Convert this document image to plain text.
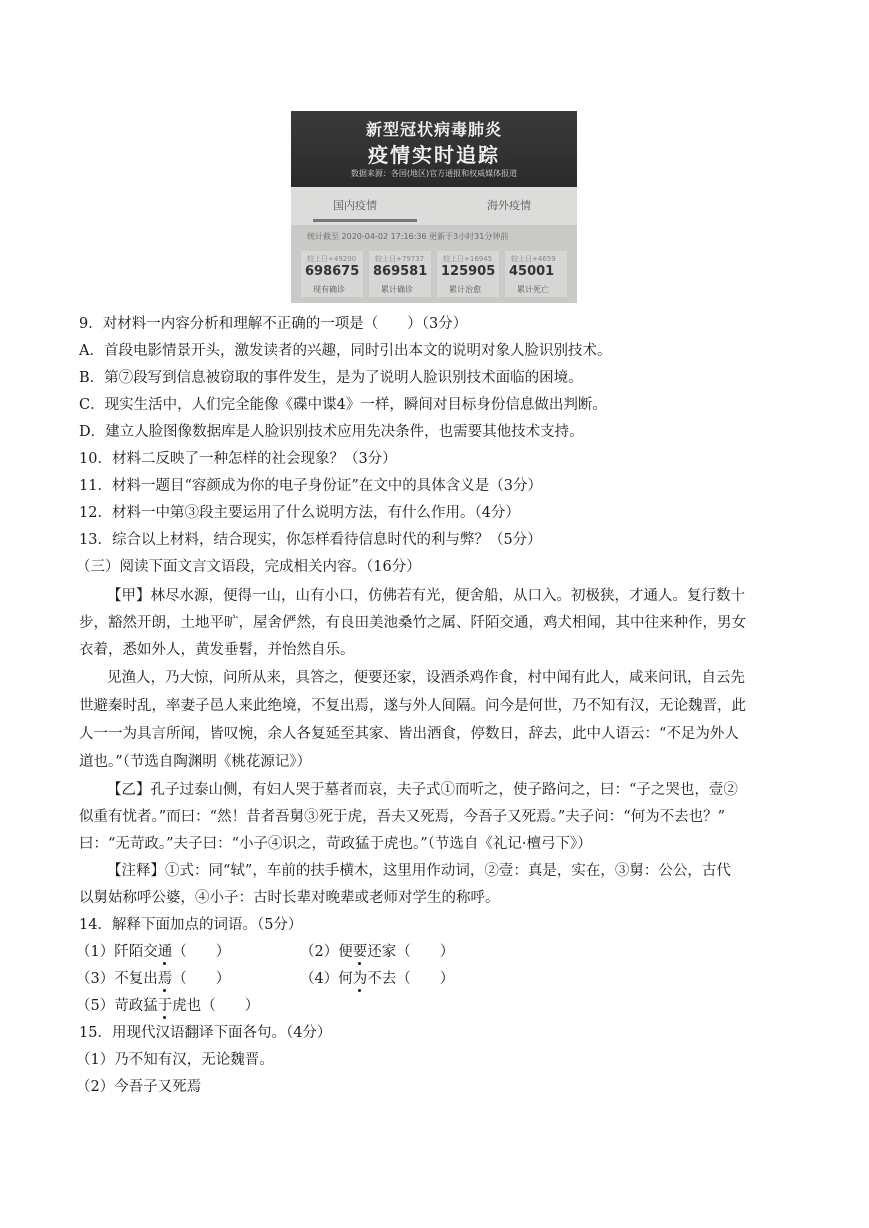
新型冠状病毒肺炎
疫情实时追踪
数据来源：各国(地区)官方通报和权威媒体报道
国内疫情	海外疫情
统计截至 2020-04-02 17:16:36 更新于3小时31分钟前
较上日+49200
698675
现有确诊
较上日+79737
869581
累计确诊
较上日+16945
125905
累计治愈
较上日+4659
45001
累计死亡
9．对材料一内容分析和理解不正确的一项是（　　）（3分）
A．首段电影情景开头，激发读者的兴趣，同时引出本文的说明对象人脸识别技术。
B．第⑦段写到信息被窃取的事件发生，是为了说明人脸识别技术面临的困境。
C．现实生活中，人们完全能像《碟中谍4》一样，瞬间对目标身份信息做出判断。
D．建立人脸图像数据库是人脸识别技术应用先决条件，也需要其他技术支持。
10．材料二反映了一种怎样的社会现象？（3分）
11．材料一题目“容颜成为你的电子身份证”在文中的具体含义是（3分）
12．材料一中第③段主要运用了什么说明方法，有什么作用。（4分）
13．综合以上材料，结合现实，你怎样看待信息时代的利与弊？（5分）
（三）阅读下面文言文语段，完成相关内容。（16分）
【甲】林尽水源，便得一山，山有小口，仿佛若有光，便舍船，从口入。初极狭，才通人。复行数十
步，豁然开朗，土地平旷，屋舍俨然，有良田美池桑竹之属、阡陌交通，鸡犬相闻，其中往来种作，男女
衣着，悉如外人，黄发垂髫，并怡然自乐。
见渔人，乃大惊，问所从来，具答之，便要还家，设酒杀鸡作食，村中闻有此人，咸来问讯，自云先
世避秦时乱，率妻子邑人来此绝境，不复出焉，遂与外人间隔。问今是何世，乃不知有汉，无论魏晋，此
人一一为具言所闻，皆叹惋，余人各复延至其家、皆出酒食，停数日，辞去，此中人语云：“不足为外人
道也。”（节选自陶渊明《桃花源记》）
【乙】孔子过泰山侧，有妇人哭于墓者而哀，夫子式①而听之，使子路问之，曰：“子之哭也，壹②
似重有忧者。”而曰：“然！昔者吾舅③死于虎，吾夫又死焉，今吾子又死焉。”夫子问：“何为不去也？”
曰：“无苛政。”夫子曰：“小子④识之，苛政猛于虎也。”（节选自《礼记·檀弓下》）
【注释】①式：同“轼”，车前的扶手横木，这里用作动词，②壹：真是，实在，③舅：公公，古代
以舅姑称呼公婆，④小子：古时长辈对晚辈或老师对学生的称呼。
14．解释下面加点的词语。（5分）
（1）阡陌交通（　　）	（2）便要还家（　　）
（3）不复出焉（　　）	（4）何为不去（　　）
（5）苛政猛于虎也（　　）
15．用现代汉语翻译下面各句。（4分）
（1）乃不知有汉，无论魏晋。
（2）今吾子又死焉
